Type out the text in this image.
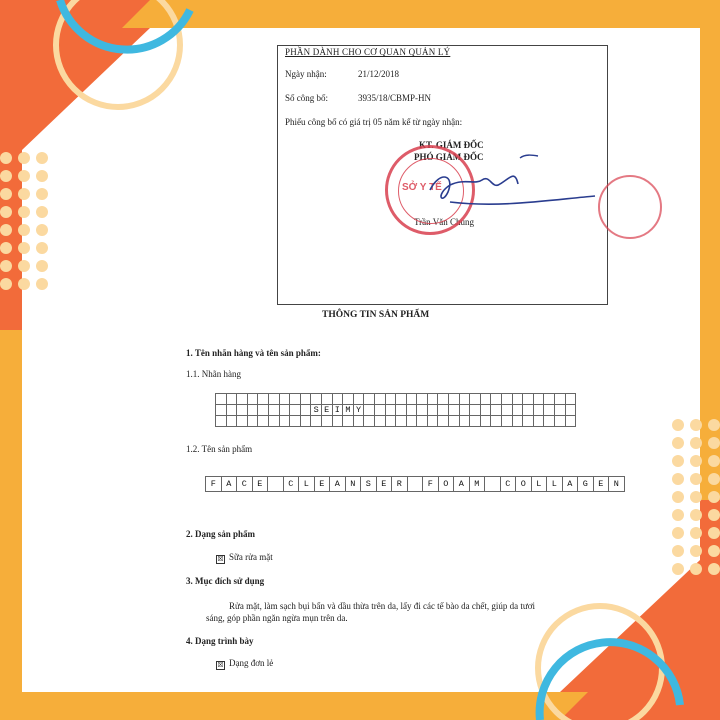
PHẦN DÀNH CHO CƠ QUAN QUẢN LÝ
Ngày nhận:	21/12/2018
Số công bố:	3935/18/CBMP-HN
Phiếu công bố có giá trị 05 năm kể từ ngày nhận:
KT. GIÁM ĐỐC
PHÓ GIÁM ĐỐC
Trần Văn Chung
SỞ Y TẾ
THÔNG TIN SẢN PHẨM
1. Tên nhãn hàng và tên sản phẩm:
1.1. Nhãn hàng

									S	E	I	M	Y																				

1.2. Tên sản phẩm
F	A	C	E		C	L	E	A	N	S	E	R		F	O	A	M		C	O	L	L	A	G	E	N
2. Dạng sản phẩm
☒ Sữa rửa mặt
3. Mục đích sử dụng
Rửa mặt, làm sạch bụi bẩn và dầu thừa trên da, lấy đi các tế bào da chết, giúp da tươi
sáng, góp phần ngăn ngừa mụn trên da.
4. Dạng trình bày
☒ Dạng đơn lẻ
